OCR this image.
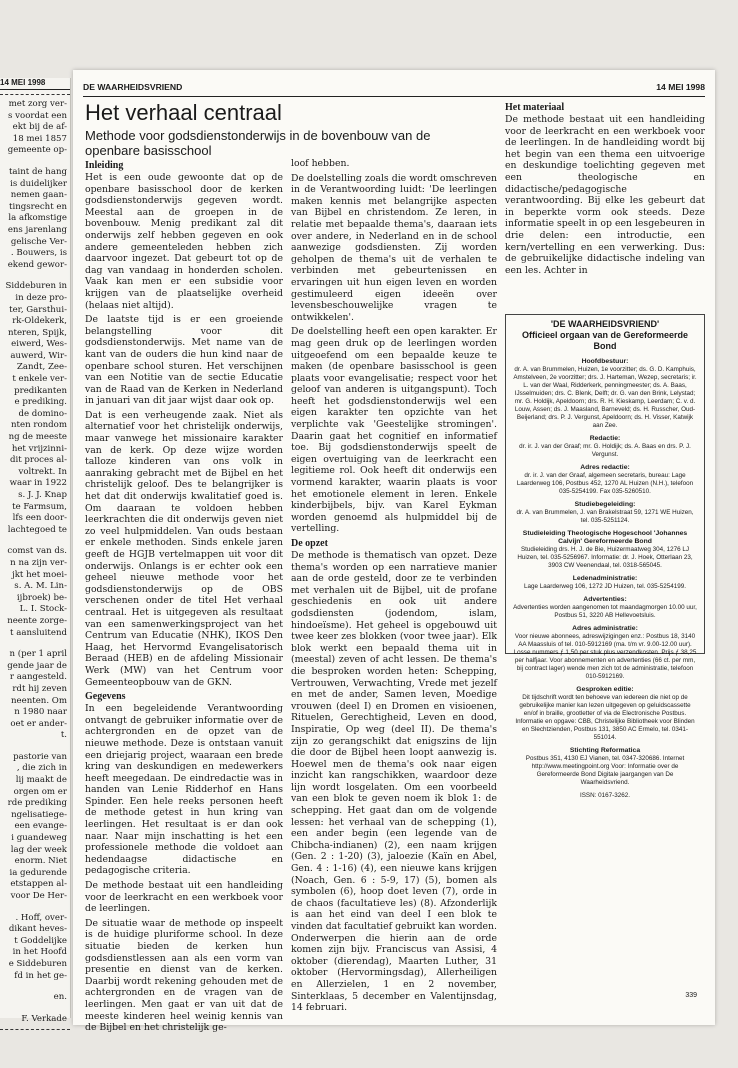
14 MEI 1998
met zorg ver-
s voordat een
ekt bij de af-
18 mei 1857
gemeente op-
taint de hang
is duidelijker
nemen gaan-
tingsrecht en
la afkomstige
ens jarenlang
gelische Ver-
. Bouwers, is
ekend gewor-
Siddeburen in
in deze pro-
ter, Garsthui-
rk-Oldekerk,
nteren, Spijk,
eiwerd, Wes-
auwerd, Wir-
Zandt, Zee-
t enkele ver-
predikanten
e prediking.
de domino-
nten rondom
ng de meeste
het vrijzinni-
dit proces al-
voltrekt. In
waar in 1922
s. J. J. Knap
te Farmsum,
lfs een door-
lachtegoed te
comst van ds.
n na zijn ver-
jkt het moei-
s. A. M. Lin-
ijbroek) be-
L. I. Stock-
neente zorge-
t aansluitend
n (per 1 april
gende jaar de
r aangesteld.
rdt hij zeven
neenten. Om
n 1980 naar
oet er ander-
t.
pastorie van
, die zich in
lij maakt de
orgen om er
rde prediking
ngelisatiege-
een evange-
i guandeweg
lag der week
enorm. Niet
ia gedurende
etstappen al-
voor De Her-
. Hoff, over-
dikant heves-
t Goddelijke
in het Hoofd
e Siddeburen
fd in het ge-
en.
F. Verkade
DE WAARHEIDSVRIEND	14 MEI 1998
Het verhaal centraal
Methode voor godsdienstonderwijs in de bovenbouw van de openbare basisschool
Inleiding

Het is een oude gewoonte dat op de openbare basisschool door de kerken godsdienstonderwijs gegeven wordt. Meestal aan de groepen in de bovenbouw. Menig predikant zal dit onderwijs zelf hebben gegeven en ook andere gemeenteleden hebben zich daarvoor ingezet. Dat gebeurt tot op de dag van vandaag in honderden scholen. Vaak kan men er een subsidie voor krijgen van de plaatselijke overheid (helaas niet altijd).

De laatste tijd is er een groeiende belangstelling voor dit godsdienstonderwijs. Met name van de kant van de ouders die hun kind naar de openbare school sturen. Het verschijnen van een Notitie van de sectie Educatie van de Raad van de Kerken in Nederland in januari van dit jaar wijst daar ook op.

Dat is een verheugende zaak. Niet als alternatief voor het christelijk onderwijs, maar vanwege het missionaire karakter van de kerk. Op deze wijze worden talloze kinderen van ons volk in aanraking gebracht met de Bijbel en het christelijk geloof. Des te belangrijker is het dat dit onderwijs kwalitatief goed is. Om daaraan te voldoen hebben leerkrachten die dit onderwijs geven niet zo veel hulpmiddelen. Van ouds bestaan er enkele methoden. Sinds enkele jaren geeft de HGJB vertelmappen uit voor dit onderwijs. Onlangs is er echter ook een geheel nieuwe methode voor het godsdienstonderwijs op de OBS verschenen onder de titel Het verhaal centraal. Het is uitgegeven als resultaat van een samenwerkingsproject van het Centrum van Educatie (NHK), IKOS Den Haag, het Hervormd Evangelisatorisch Beraad (HEB) en de afdeling Missionair Werk (MW) van het Centrum voor Gemeenteopbouw van de GKN.

Gegevens

In een begeleidende Verantwoording ontvangt de gebruiker informatie over de achtergronden en de opzet van de nieuwe methode. Deze is ontstaan vanuit een driejarig project, waaraan een brede kring van deskundigen en medewerkers heeft meegedaan. De eindredactie was in handen van Lenie Ridderhof en Hans Spinder. Een hele reeks personen heeft de methode getest in hun kring van leerlingen. Het resultaat is er dan ook naar. Naar mijn inschatting is het een professionele methode die voldoet aan hedendaagse didactische en pedagogische criteria.

De methode bestaat uit een handleiding voor de leerkracht en een werkboek voor de leerlingen.

De situatie waar de methode op inspeelt is de huidige pluriforme school. In deze situatie bieden de kerken hun godsdienstlessen aan als een vorm van presentie en dienst van de kerken. Daarbij wordt rekening gehouden met de achtergronden en de vragen van de leerlingen. Men gaat er van uit dat de meeste kinderen heel weinig kennis van de Bijbel en het christelijk ge-

loof hebben.

De doelstelling zoals die wordt omschreven in de Verantwoording luidt: 'De leerlingen maken kennis met belangrijke aspecten van Bijbel en christendom. Ze leren, in relatie met bepaalde thema's, daaraan iets over andere, in Nederland en in de school aanwezige godsdiensten. Zij worden geholpen de thema's uit de verhalen te verbinden met gebeurtenissen en ervaringen uit hun eigen leven en worden gestimuleerd eigen ideeën over levensbeschouwelijke vragen te ontwikkelen'.

De doelstelling heeft een open karakter. Er mag geen druk op de leerlingen worden uitgeoefend om een bepaalde keuze te maken (de openbare basisschool is geen plaats voor evangelisatie; respect voor het geloof van anderen is uitgangspunt). Toch heeft het godsdienstonderwijs wel een eigen karakter ten opzichte van het verplichte vak 'Geestelijke stromingen'. Daarin gaat het cognitief en informatief toe. Bij godsdienstonderwijs speelt de eigen overtuiging van de leerkracht een legitieme rol. Ook heeft dit onderwijs een vormend karakter, waarin plaats is voor het emotionele element in leren. Enkele kinderbijbels, bijv. van Karel Eykman worden genoemd als hulpmiddel bij de vertelling.

De opzet

De methode is thematisch van opzet. Deze thema's worden op een narratieve manier aan de orde gesteld, door ze te verbinden met verhalen uit de Bijbel, uit de profane geschiedenis en ook uit andere godsdiensten (jodendom, islam, hindoeïsme). Het geheel is opgebouwd uit twee keer zes blokken (voor twee jaar). Elk blok werkt een bepaald thema uit in (meestal) zeven of acht lessen. De thema's die besproken worden heten: Schepping, Vertrouwen, Verwachting, Vrede met jezelf en met de ander, Samen leven, Moedige vrouwen (deel I) en Dromen en visioenen, Rituelen, Gerechtigheid, Leven en dood, Inspiratie, Op weg (deel II). De thema's zijn zo gerangschikt dat enigszins de lijn die door de Bijbel heen loopt aanwezig is. Hoewel men de thema's ook naar eigen inzicht kan rangschikken, waardoor deze lijn wordt losgelaten. Om een voorbeeld van een blok te geven noem ik blok 1: de schepping. Het gaat dan om de volgende lessen: het verhaal van de schepping (1), een ander begin (een legende van de Chibcha-indianen) (2), een naam krijgen (Gen. 2 : 1-20) (3), jaloezie (Kaïn en Abel, Gen. 4 : 1-16) (4), een nieuwe kans krijgen (Noach, Gen. 6 : 5-9, 17) (5), bomen als symbolen (6), hoop doet leven (7), orde in de chaos (facultatieve les) (8). Afzonderlijk is aan het eind van deel I een blok te vinden dat facultatief gebruikt kan worden. Onderwerpen die hierin aan de orde komen zijn bijv. Franciscus van Assisi, 4 oktober (dierendag), Maarten Luther, 31 oktober (Hervormingsdag), Allerheiligen en Allerzielen, 1 en 2 november, Sinterklaas, 5 december en Valentijnsdag, 14 februari.

Het materiaal

De methode bestaat uit een handleiding voor de leerkracht en een werkboek voor de leerlingen. In de handleiding wordt bij het begin van een thema een uitvoerige en deskundige toelichting gegeven met een theologische en didactische/pedagogische verantwoording. Bij elke les gebeurt dat in beperkte vorm ook steeds. Deze informatie speelt in op een lesgebeuren in drie delen: een introductie, een kern/vertelling en een verwerking. Dus: de gebruikelijke didactische indeling van een les. Achter in

'DE WAARHEIDSVRIEND'
Officieel orgaan van de Gereformeerde Bond
Hoofdbestuur:
dr. A. van Brummelen, Huizen, 1e voorzitter; ds. G. D. Kamphuis, Amstelveen, 2e voorzitter; drs. J. Harteman, Wezep, secretaris; ir. L. van der Waal, Ridderkerk, penningmeester; ds. A. Baas, IJsselmuiden; drs. C. Blenk, Delft; dr. G. van den Brink, Lelystad; mr. G. Holdijk, Apeldoorn; drs. R. H. Kieskamp, Leerdam; C. v. d. Louw, Assen; ds. J. Maasland, Barneveld; ds. H. Russcher, Oud-Beijerland; drs. P. J. Vergunst, Apeldoorn; ds. H. Visser, Katwijk aan Zee.
Redactie:
dr. ir. J. van der Graaf; mr. G. Holdijk; ds. A. Baas en drs. P. J. Vergunst.
Adres redactie:
dr. ir. J. van der Graaf, algemeen secretaris, bureau: Lage Laarderweg 106, Postbus 452, 1270 AL Huizen (N.H.), telefoon 035-5254199. Fax 035-5260510.
Studiebegeleiding:
dr. A. van Brummelen, J. van Brakelstraat 59, 1271 WE Huizen, tel. 035-5251124.
Studieleiding Theologische Hogeschool 'Johannes Calvijn' Gereformeerde Bond
Studieleiding drs. H. J. de Bie, Huizermaatweg 304, 1276 LJ Huizen, tel. 035-5256967. Informatie: dr. J. Hoek, Otterlaan 23, 3903 CW Veenendaal, tel. 0318-565045.
Ledenadministratie:
Lage Laarderweg 106, 1272 JD Huizen, tel. 035-5254199.
Advertenties:
Advertenties worden aangenomen tot maandagmorgen 10.00 uur, Postbus 51, 3220 AB Hellevoetsluis.
Adres administratie:
Voor nieuwe abonnees, adreswijzigingen enz.: Postbus 18, 3140 AA Maassluis of tel. 010-5912169 (ma. t/m vr. 9.00-12.00 uur). Losse nummers ƒ 1,50 per stuk plus verzendkosten. Prijs ƒ 38,25 per halfjaar. Voor abonnementen en advertenties (66 ct. per mm, bij contract lager) wende men zich tot de administratie, telefoon 010-5912169.
Gesproken editie:
Dit tijdschrift wordt ten behoeve van iedereen die niet op de gebruikelijke manier kan lezen uitgegeven op geluidscassette en/of in braille, grootletter of via de Electronische Postbus. Informatie en opgave: CBB, Christelijke Bibliotheek voor Blinden en Slechtzienden, Postbus 131, 3850 AC Ermelo, tel. 0341-551014.
Stichting Reformatica
Postbus 351, 4130 EJ Vianen, tel. 0347-320686. Internet http://www.meetingpoint.org Voor: Informatie over de Gereformeerde Bond Digitale jaargangen van De Waarheidsvriend.
ISSN: 0167-3262.
339
